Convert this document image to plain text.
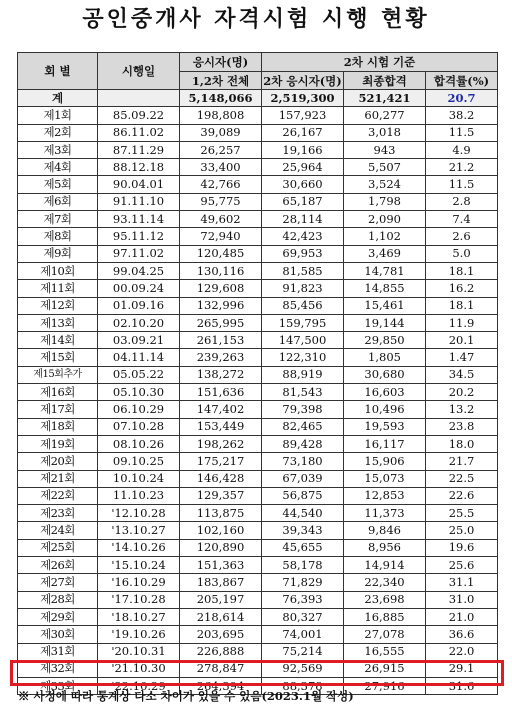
공인중개사 자격시험 시행 현황
회 별	시행일	응시자(명)	2차 시험 기준		
		1,2차 전체	2차 응시자(명)	최종합격	합격률(%)
계		5,148,066	2,519,300	521,421	20.7
제1회	85.09.22	198,808	157,923	60,277	38.2
제2회	86.11.02	39,089	26,167	3,018	11.5
제3회	87.11.29	26,257	19,166	943	4.9
제4회	88.12.18	33,400	25,964	5,507	21.2
제5회	90.04.01	42,766	30,660	3,524	11.5
제6회	91.11.10	95,775	65,187	1,798	2.8
제7회	93.11.14	49,602	28,114	2,090	7.4
제8회	95.11.12	72,940	42,423	1,102	2.6
제9회	97.11.02	120,485	69,953	3,469	5.0
제10회	99.04.25	130,116	81,585	14,781	18.1
제11회	00.09.24	129,608	91,823	14,855	16.2
제12회	01.09.16	132,996	85,456	15,461	18.1
제13회	02.10.20	265,995	159,795	19,144	11.9
제14회	03.09.21	261,153	147,500	29,850	20.1
제15회	04.11.14	239,263	122,310	1,805	1.47
제15회추가	05.05.22	138,272	88,919	30,680	34.5
제16회	05.10.30	151,636	81,543	16,603	20.2
제17회	06.10.29	147,402	79,398	10,496	13.2
제18회	07.10.28	153,449	82,465	19,593	23.8
제19회	08.10.26	198,262	89,428	16,117	18.0
제20회	09.10.25	175,217	73,180	15,906	21.7
제21회	10.10.24	146,428	67,039	15,073	22.5
제22회	11.10.23	129,357	56,875	12,853	22.6
제23회	'12.10.28	113,875	44,540	11,373	25.5
제24회	'13.10.27	102,160	39,343	9,846	25.0
제25회	'14.10.26	120,890	45,655	8,956	19.6
제26회	'15.10.24	151,363	58,178	14,914	25.6
제27회	'16.10.29	183,867	71,829	22,340	31.1
제28회	'17.10.28	205,197	76,393	23,698	31.0
제29회	'18.10.27	218,614	80,327	16,885	21.0
제30회	'19.10.26	203,695	74,001	27,078	36.6
제31회	'20.10.31	226,888	75,214	16,555	22.0
제32회	'21.10.30	278,847	92,569	26,915	29.1
제33회	'22.10.29	264,394	88,378	27,916	31.6
※ 사정에 따라 통계상 다소 차이가 있을 수 있음(2023.1월 작성)
